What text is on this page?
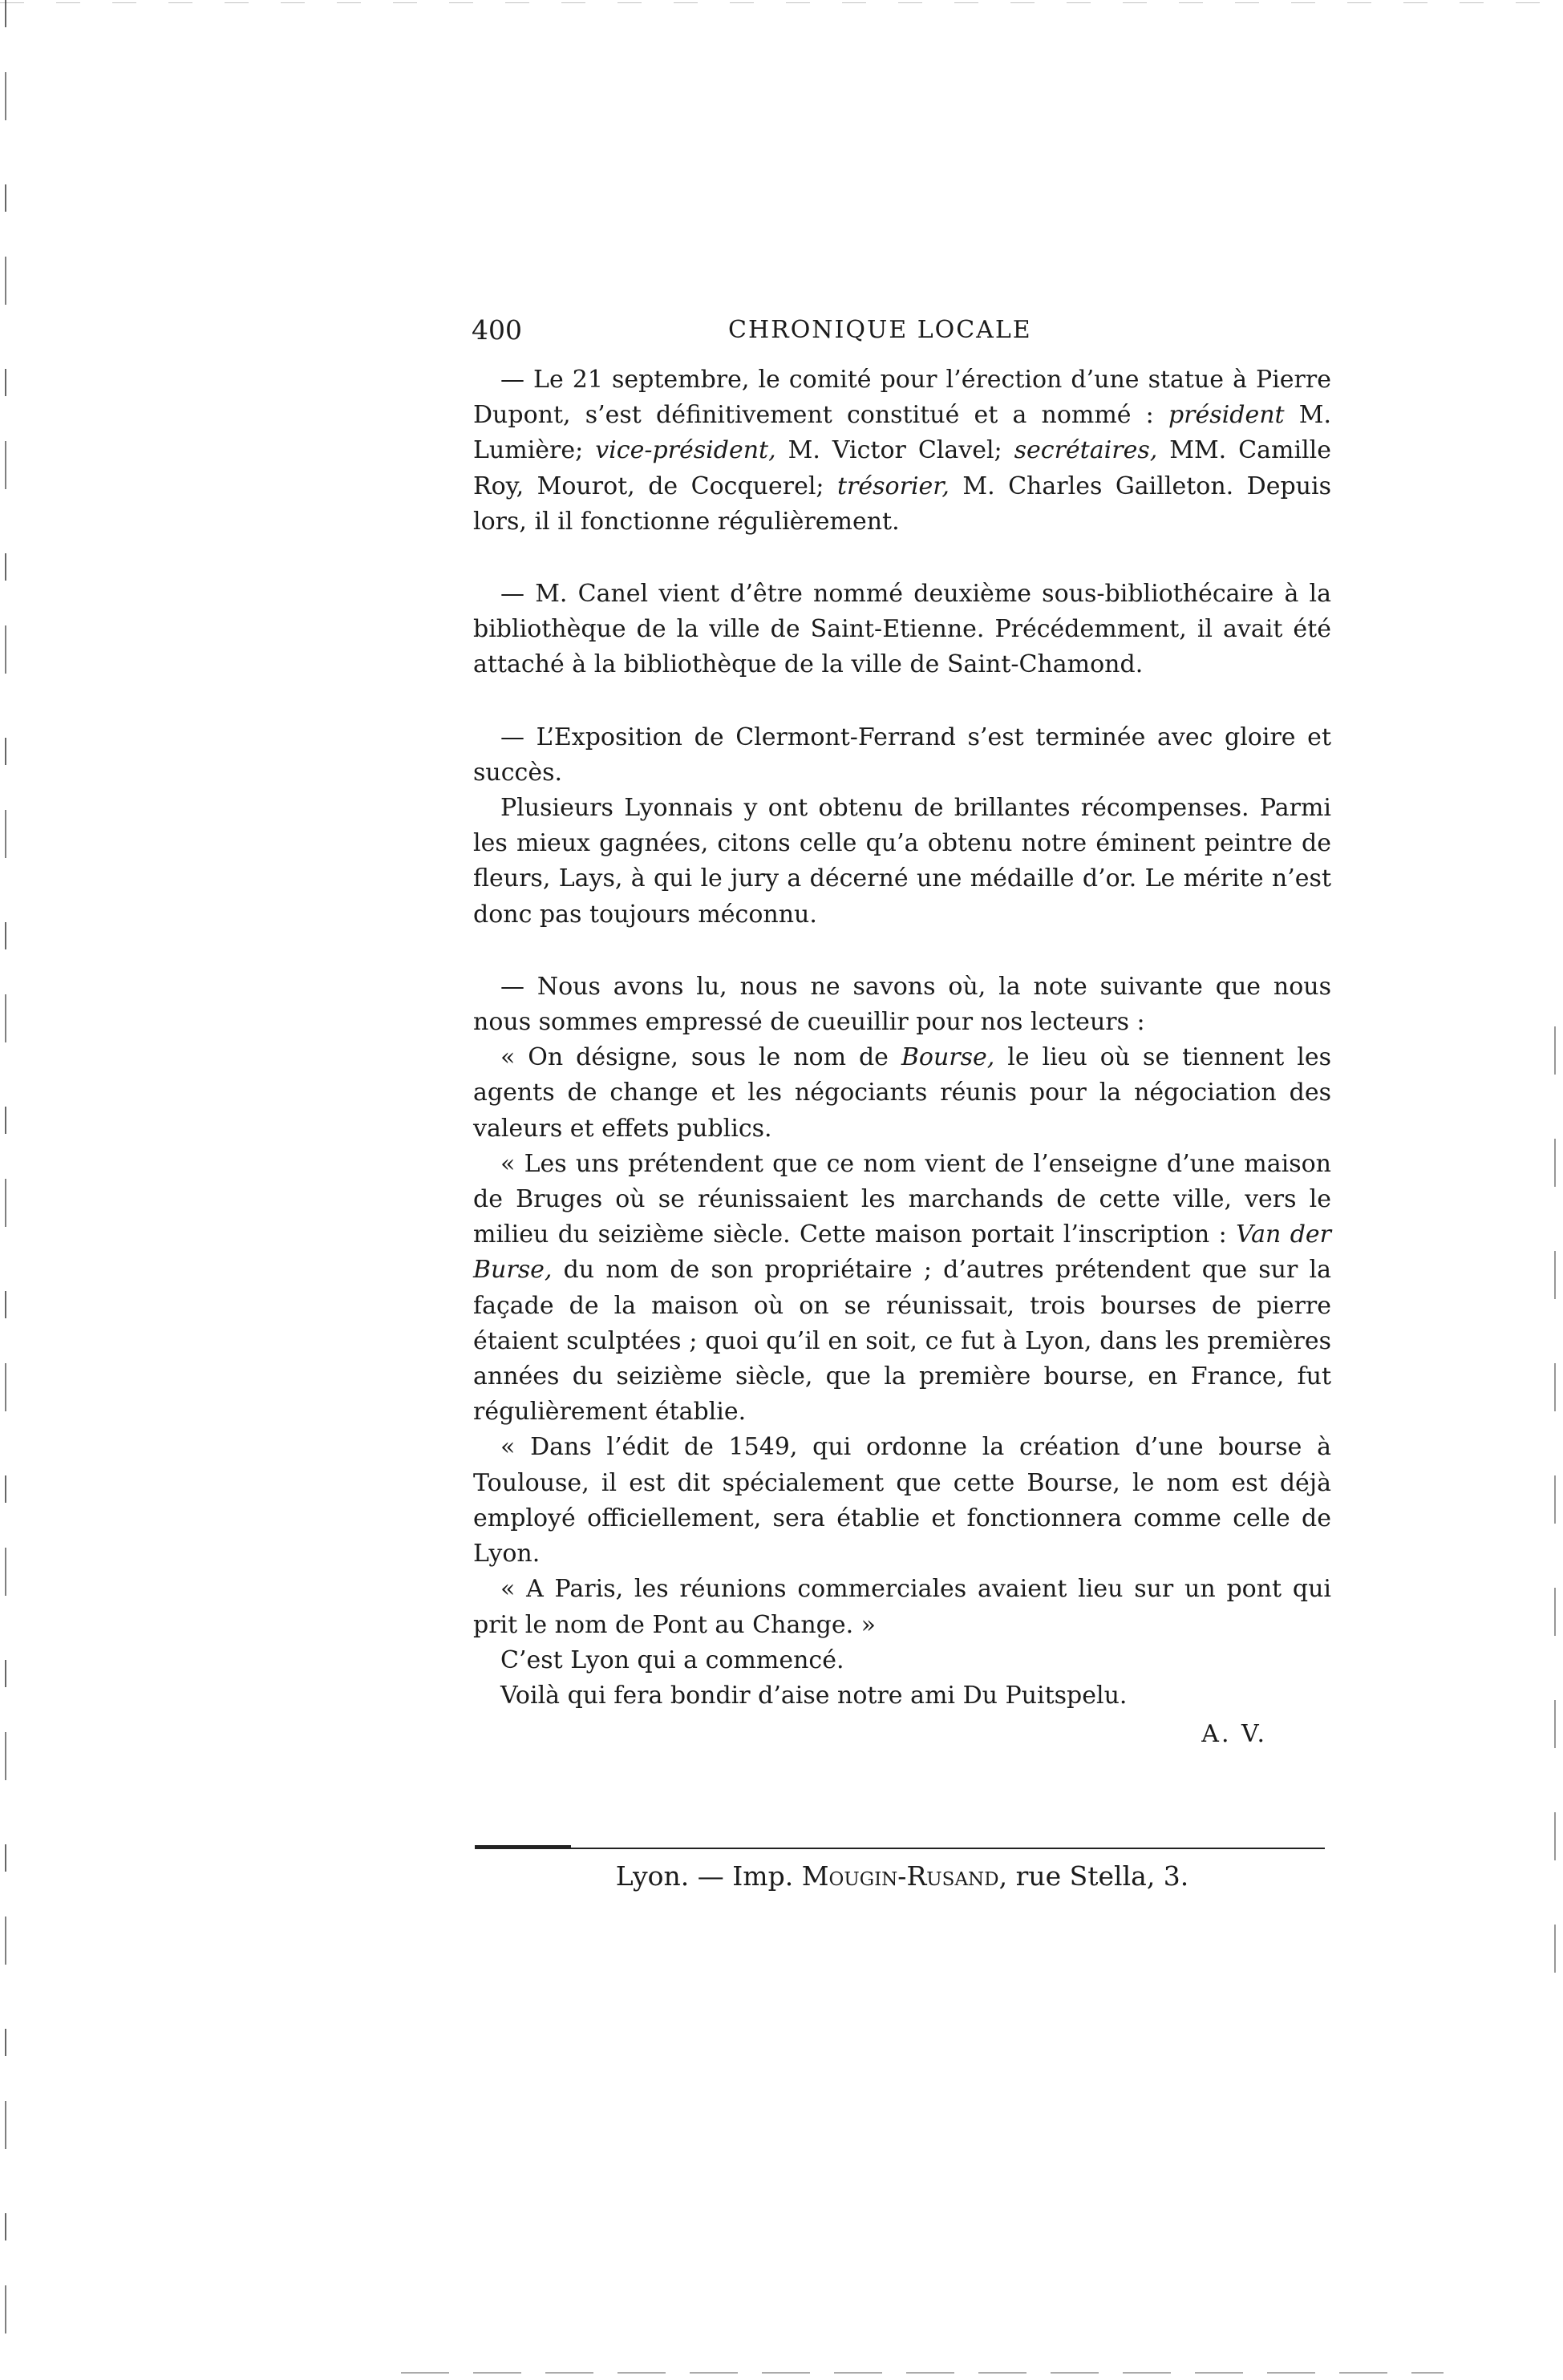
400	CHRONIQUE LOCALE

— Le 21 septembre, le comité pour l’érection d’une statue à Pierre Dupont, s’est définitivement constitué et a nommé : président M. Lumière; vice-président, M. Victor Clavel; secrétaires, MM. Camille Roy, Mourot, de Cocquerel; trésorier, M. Charles Gailleton. Depuis lors, il il fonctionne régulièrement.

— M. Canel vient d’être nommé deuxième sous-bibliothécaire à la bibliothèque de la ville de Saint-Etienne. Précédemment, il avait été attaché à la bibliothèque de la ville de Saint-Chamond.

— L’Exposition de Clermont-Ferrand s’est terminée avec gloire et succès.

Plusieurs Lyonnais y ont obtenu de brillantes récompenses. Parmi les mieux gagnées, citons celle qu’a obtenu notre éminent peintre de fleurs, Lays, à qui le jury a décerné une médaille d’or. Le mérite n’est donc pas toujours méconnu.

— Nous avons lu, nous ne savons où, la note suivante que nous nous sommes empressé de cueuillir pour nos lecteurs :

« On désigne, sous le nom de Bourse, le lieu où se tiennent les agents de change et les négociants réunis pour la négociation des valeurs et effets publics.

« Les uns prétendent que ce nom vient de l’enseigne d’une maison de Bruges où se réunissaient les marchands de cette ville, vers le milieu du seizième siècle. Cette maison portait l’inscription : Van der Burse, du nom de son propriétaire ; d’autres prétendent que sur la façade de la maison où on se réunissait, trois bourses de pierre étaient sculptées ; quoi qu’il en soit, ce fut à Lyon, dans les premières années du seizième siècle, que la première bourse, en France, fut régulièrement établie.

« Dans l’édit de 1549, qui ordonne la création d’une bourse à Toulouse, il est dit spécialement que cette Bourse, le nom est déjà employé officiellement, sera établie et fonctionnera comme celle de Lyon.

« A Paris, les réunions commerciales avaient lieu sur un pont qui prit le nom de Pont au Change. »

C’est Lyon qui a commencé.

Voilà qui fera bondir d’aise notre ami Du Puitspelu.

A. V.

Lyon. — Imp. Mougin-Rusand, rue Stella, 3.
